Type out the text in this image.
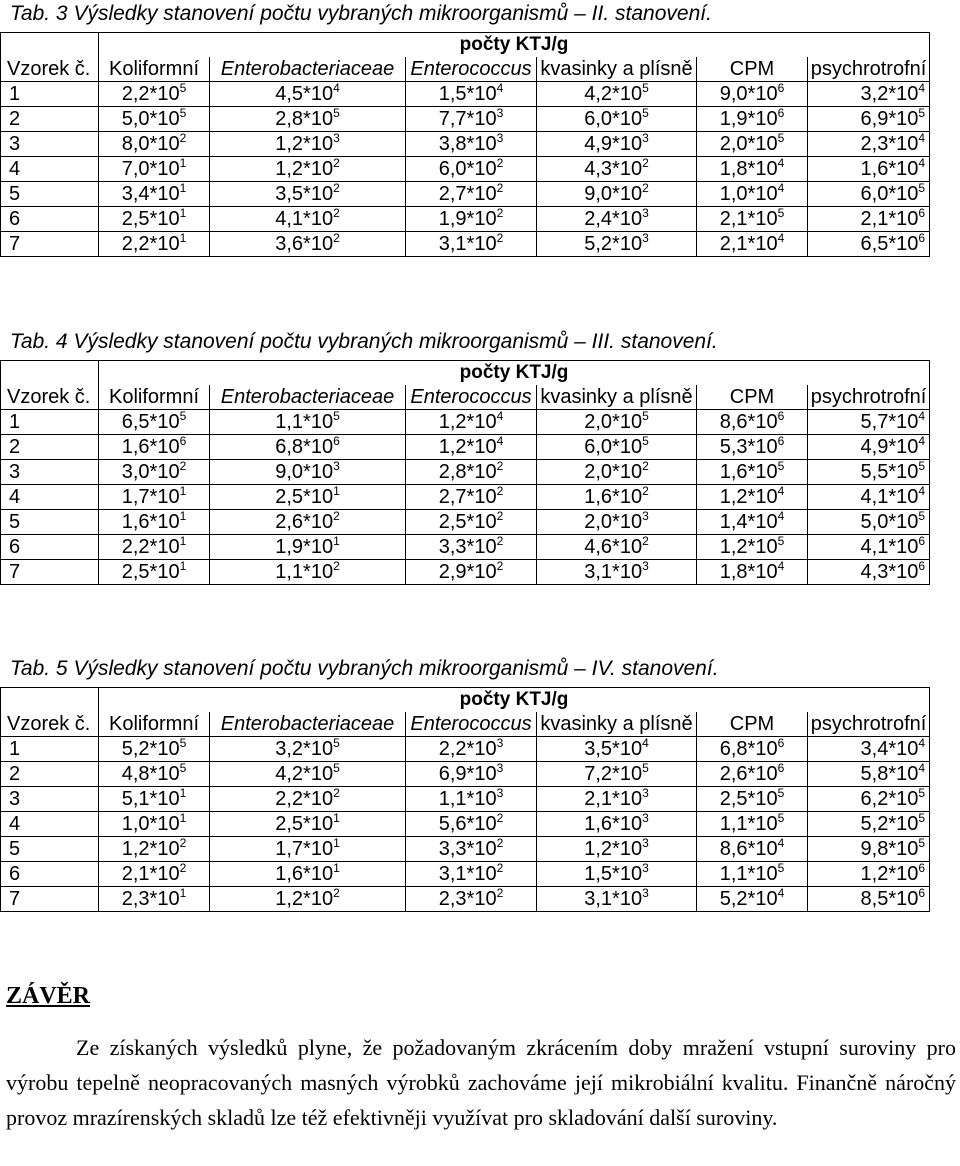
Tab. 3 Výsledky stanovení počtu vybraných mikroorganismů – II. stanovení.
	počty KTJ/g					
Vzorek č.	Koliformní	Enterobacteriaceae	Enterococcus	kvasinky a plísně	CPM	psychrotrofní
1	$2,2*10^5$	$4,5*10^4$	$1,5*10^4$	$4,2*10^5$	$9,0*10^6$	$3,2*10^4$
2	$5,0*10^5$	$2,8*10^5$	$7,7*10^3$	$6,0*10^5$	$1,9*10^6$	$6,9*10^5$
3	$8,0*10^2$	$1,2*10^3$	$3,8*10^3$	$4,9*10^3$	$2,0*10^5$	$2,3*10^4$
4	$7,0*10^1$	$1,2*10^2$	$6,0*10^2$	$4,3*10^2$	$1,8*10^4$	$1,6*10^4$
5	$3,4*10^1$	$3,5*10^2$	$2,7*10^2$	$9,0*10^2$	$1,0*10^4$	$6,0*10^5$
6	$2,5*10^1$	$4,1*10^2$	$1,9*10^2$	$2,4*10^3$	$2,1*10^5$	$2,1*10^6$
7	$2,2*10^1$	$3,6*10^2$	$3,1*10^2$	$5,2*10^3$	$2,1*10^4$	$6,5*10^6$
Tab. 4 Výsledky stanovení počtu vybraných mikroorganismů – III. stanovení.
	počty KTJ/g					
Vzorek č.	Koliformní	Enterobacteriaceae	Enterococcus	kvasinky a plísně	CPM	psychrotrofní
1	$6,5*10^5$	$1,1*10^5$	$1,2*10^4$	$2,0*10^5$	$8,6*10^6$	$5,7*10^4$
2	$1,6*10^6$	$6,8*10^6$	$1,2*10^4$	$6,0*10^5$	$5,3*10^6$	$4,9*10^4$
3	$3,0*10^2$	$9,0*10^3$	$2,8*10^2$	$2,0*10^2$	$1,6*10^5$	$5,5*10^5$
4	$1,7*10^1$	$2,5*10^1$	$2,7*10^2$	$1,6*10^2$	$1,2*10^4$	$4,1*10^4$
5	$1,6*10^1$	$2,6*10^2$	$2,5*10^2$	$2,0*10^3$	$1,4*10^4$	$5,0*10^5$
6	$2,2*10^1$	$1,9*10^1$	$3,3*10^2$	$4,6*10^2$	$1,2*10^5$	$4,1*10^6$
7	$2,5*10^1$	$1,1*10^2$	$2,9*10^2$	$3,1*10^3$	$1,8*10^4$	$4,3*10^6$
Tab. 5 Výsledky stanovení počtu vybraných mikroorganismů – IV. stanovení.
	počty KTJ/g					
Vzorek č.	Koliformní	Enterobacteriaceae	Enterococcus	kvasinky a plísně	CPM	psychrotrofní
1	$5,2*10^5$	$3,2*10^5$	$2,2*10^3$	$3,5*10^4$	$6,8*10^6$	$3,4*10^4$
2	$4,8*10^5$	$4,2*10^5$	$6,9*10^3$	$7,2*10^5$	$2,6*10^6$	$5,8*10^4$
3	$5,1*10^1$	$2,2*10^2$	$1,1*10^3$	$2,1*10^3$	$2,5*10^5$	$6,2*10^5$
4	$1,0*10^1$	$2,5*10^1$	$5,6*10^2$	$1,6*10^3$	$1,1*10^5$	$5,2*10^5$
5	$1,2*10^2$	$1,7*10^1$	$3,3*10^2$	$1,2*10^3$	$8,6*10^4$	$9,8*10^5$
6	$2,1*10^2$	$1,6*10^1$	$3,1*10^2$	$1,5*10^3$	$1,1*10^5$	$1,2*10^6$
7	$2,3*10^1$	$1,2*10^2$	$2,3*10^2$	$3,1*10^3$	$5,2*10^4$	$8,5*10^6$
ZÁVĚR

Ze získaných výsledků plyne, že požadovaným zkrácením doby mražení vstupní suroviny pro výrobu tepelně neopracovaných masných výrobků zachováme její mikrobiální kvalitu. Finančně náročný provoz mrazírenských skladů lze též efektivněji využívat pro skladování další suroviny.
